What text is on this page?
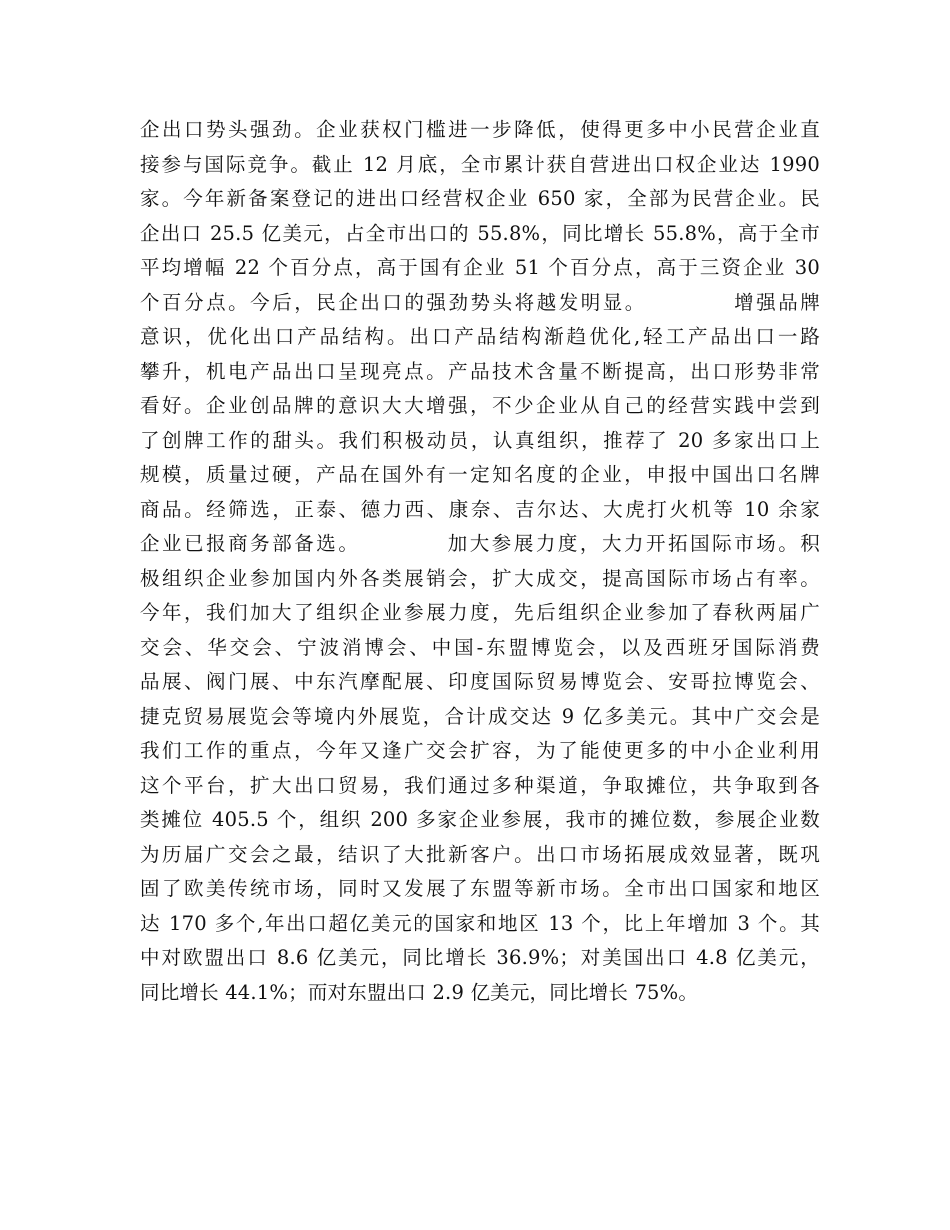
企出口势头强劲。企业获权门槛进一步降低，使得更多中小民营企业直
接参与国际竞争。截止 12 月底，全市累计获自营进出口权企业达 1990
家。今年新备案登记的进出口经营权企业 650 家，全部为民营企业。民
企出口 25.5 亿美元，占全市出口的 55.8%，同比增长 55.8%，高于全市
平均增幅 22 个百分点，高于国有企业 51 个百分点，高于三资企业 30
个百分点。今后，民企出口的强劲势头将越发明显。          增强品牌
意识，优化出口产品结构。出口产品结构渐趋优化,轻工产品出口一路
攀升，机电产品出口呈现亮点。产品技术含量不断提高，出口形势非常
看好。企业创品牌的意识大大增强，不少企业从自己的经营实践中尝到
了创牌工作的甜头。我们积极动员，认真组织，推荐了 20 多家出口上
规模，质量过硬，产品在国外有一定知名度的企业，申报中国出口名牌
商品。经筛选，正泰、德力西、康奈、吉尔达、大虎打火机等 10 余家
企业已报商务部备选。          加大参展力度，大力开拓国际市场。积
极组织企业参加国内外各类展销会，扩大成交，提高国际市场占有率。
今年，我们加大了组织企业参展力度，先后组织企业参加了春秋两届广
交会、华交会、宁波消博会、中国-东盟博览会，以及西班牙国际消费
品展、阀门展、中东汽摩配展、印度国际贸易博览会、安哥拉博览会、
捷克贸易展览会等境内外展览，合计成交达 9 亿多美元。其中广交会是
我们工作的重点，今年又逢广交会扩容，为了能使更多的中小企业利用
这个平台，扩大出口贸易，我们通过多种渠道，争取摊位，共争取到各
类摊位 405.5 个，组织 200 多家企业参展，我市的摊位数，参展企业数
为历届广交会之最，结识了大批新客户。出口市场拓展成效显著，既巩
固了欧美传统市场，同时又发展了东盟等新市场。全市出口国家和地区
达 170 多个,年出口超亿美元的国家和地区 13 个，比上年增加 3 个。其
中对欧盟出口 8.6 亿美元，同比增长 36.9%；对美国出口 4.8 亿美元，
同比增长 44.1%；而对东盟出口 2.9 亿美元，同比增长 75%。
